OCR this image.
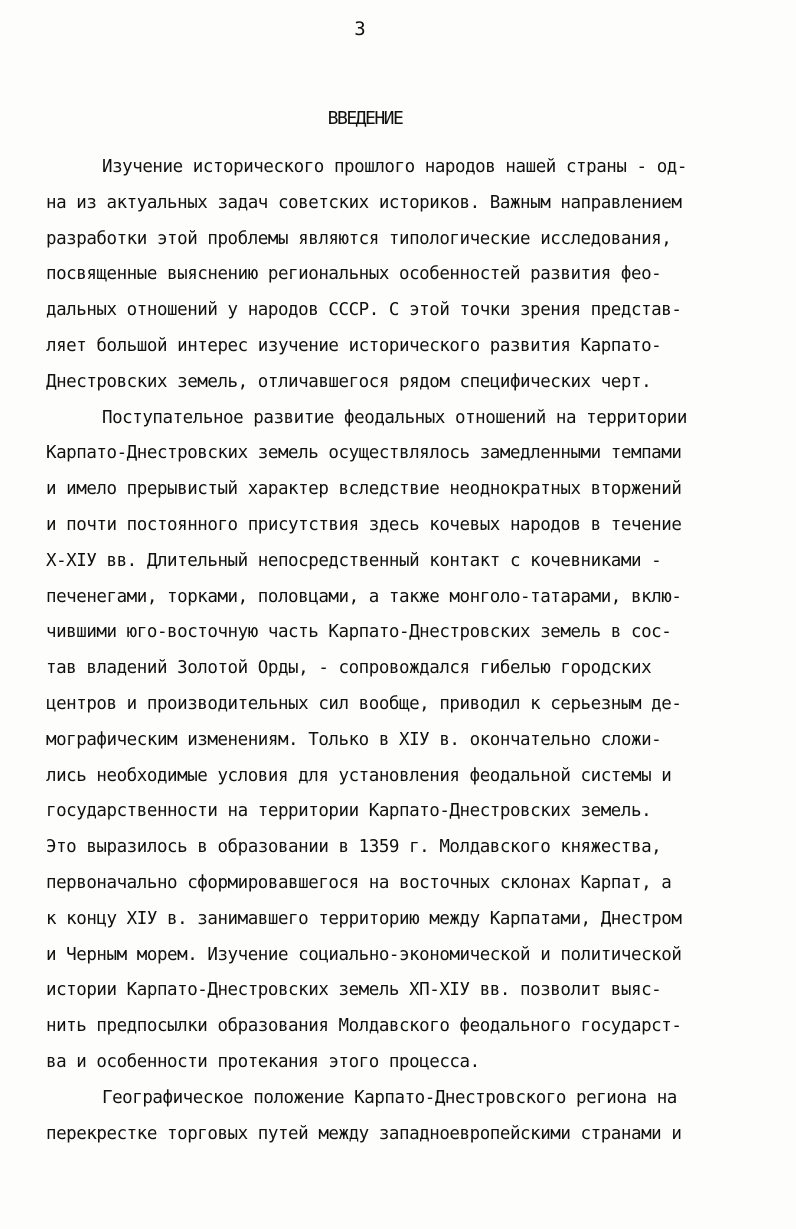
3
ВВЕДЕНИЕ
Изучение исторического прошлого народов нашей страны - од-
на из актуальных задач советских историков. Важным направлением
разработки этой проблемы являются типологические исследования,
посвященные выяснению региональных особенностей развития фео-
дальных отношений у народов СССР. С этой точки зрения представ-
ляет большой интерес изучение исторического развития Карпато-
Днестровских земель, отличавшегося рядом специфических черт.
Поступательное развитие феодальных отношений на территории
Карпато-Днестровских земель осуществлялось замедленными темпами
и имело прерывистый характер вследствие неоднократных вторжений
и почти постоянного присутствия здесь кочевых народов в течение
Х-ХІУ вв. Длительный непосредственный контакт с кочевниками -
печенегами, торками, половцами, а также монголо-татарами, вклю-
чившими юго-восточную часть Карпато-Днестровских земель в сос-
тав владений Золотой Орды, - сопровождался гибелью городских
центров и производительных сил вообще, приводил к серьезным де-
мографическим изменениям. Только в ХІУ в. окончательно сложи-
лись необходимые условия для установления феодальной системы и
государственности на территории Карпато-Днестровских земель.
Это выразилось в образовании в 1359 г. Молдавского княжества,
первоначально сформировавшегося на восточных склонах Карпат, а
к концу ХІУ в. занимавшего территорию между Карпатами, Днестром
и Черным морем. Изучение социально-экономической и политической
истории Карпато-Днестровских земель ХП-ХІУ вв. позволит выяс-
нить предпосылки образования Молдавского феодального государст-
ва и особенности протекания этого процесса.
Географическое положение Карпато-Днестровского региона на
перекрестке торговых путей между западноевропейскими странами и
